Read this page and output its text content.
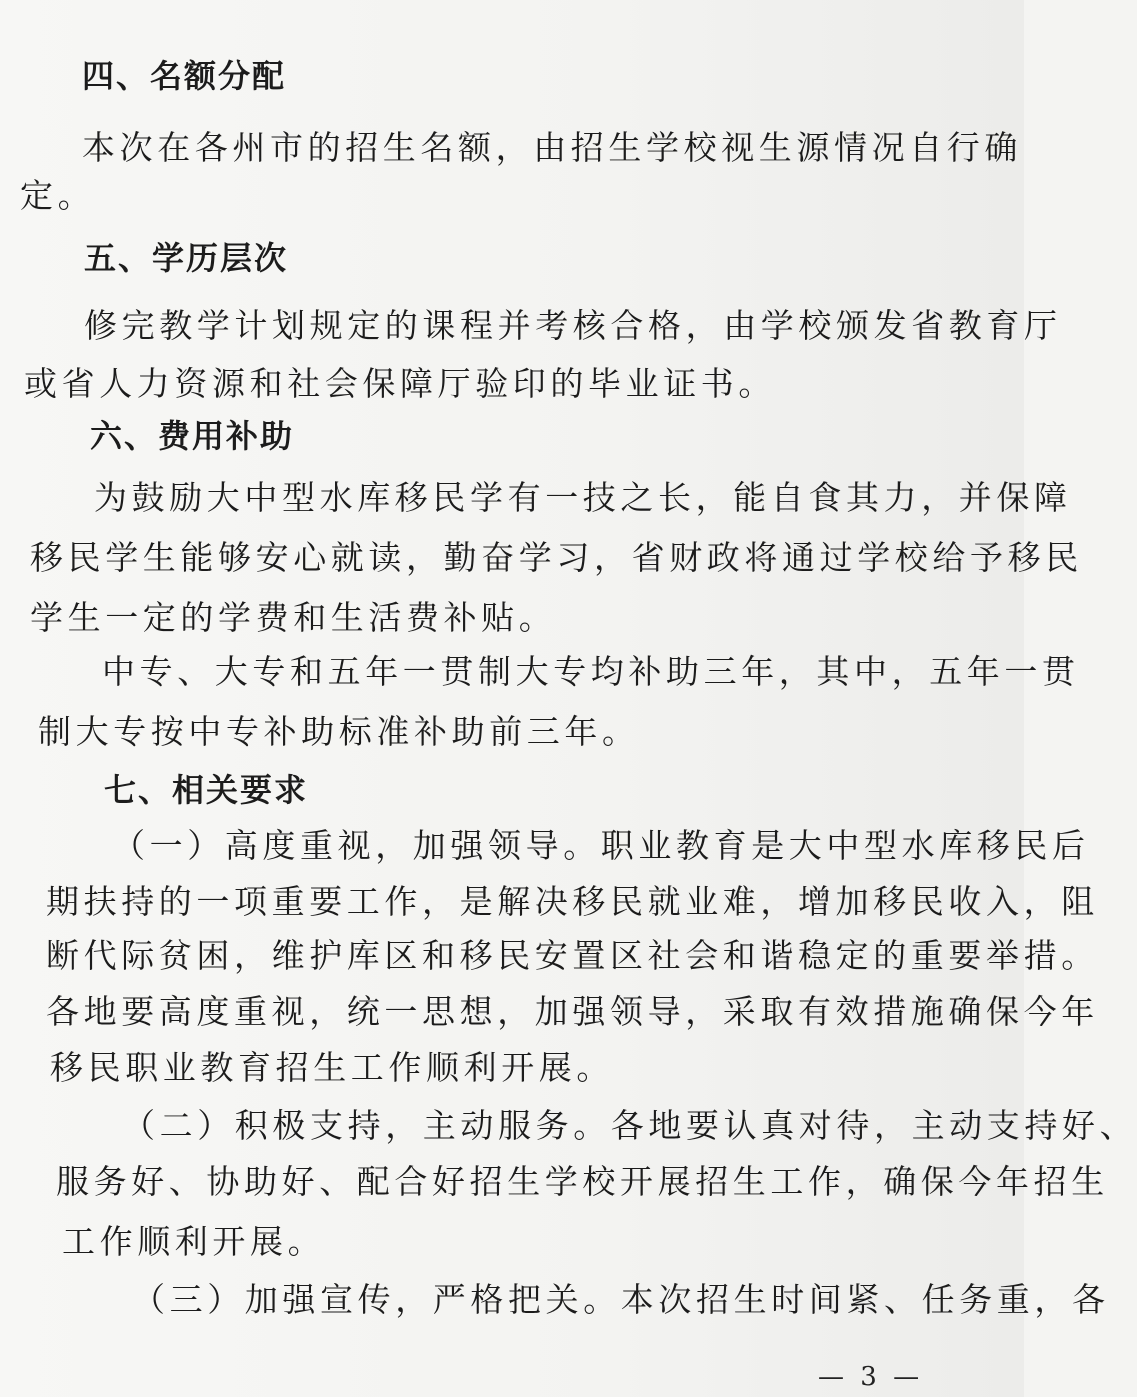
四、名额分配
本次在各州市的招生名额，由招生学校视生源情况自行确
定。
五、学历层次
修完教学计划规定的课程并考核合格，由学校颁发省教育厅
或省人力资源和社会保障厅验印的毕业证书。
六、费用补助
为鼓励大中型水库移民学有一技之长，能自食其力，并保障
移民学生能够安心就读，勤奋学习，省财政将通过学校给予移民
学生一定的学费和生活费补贴。
中专、大专和五年一贯制大专均补助三年，其中，五年一贯
制大专按中专补助标准补助前三年。
七、相关要求
（一）高度重视，加强领导。职业教育是大中型水库移民后
期扶持的一项重要工作，是解决移民就业难，增加移民收入，阻
断代际贫困，维护库区和移民安置区社会和谐稳定的重要举措。
各地要高度重视，统一思想，加强领导，采取有效措施确保今年
移民职业教育招生工作顺利开展。
（二）积极支持，主动服务。各地要认真对待，主动支持好、
服务好、协助好、配合好招生学校开展招生工作，确保今年招生
工作顺利开展。
（三）加强宣传，严格把关。本次招生时间紧、任务重，各
— 3 —
